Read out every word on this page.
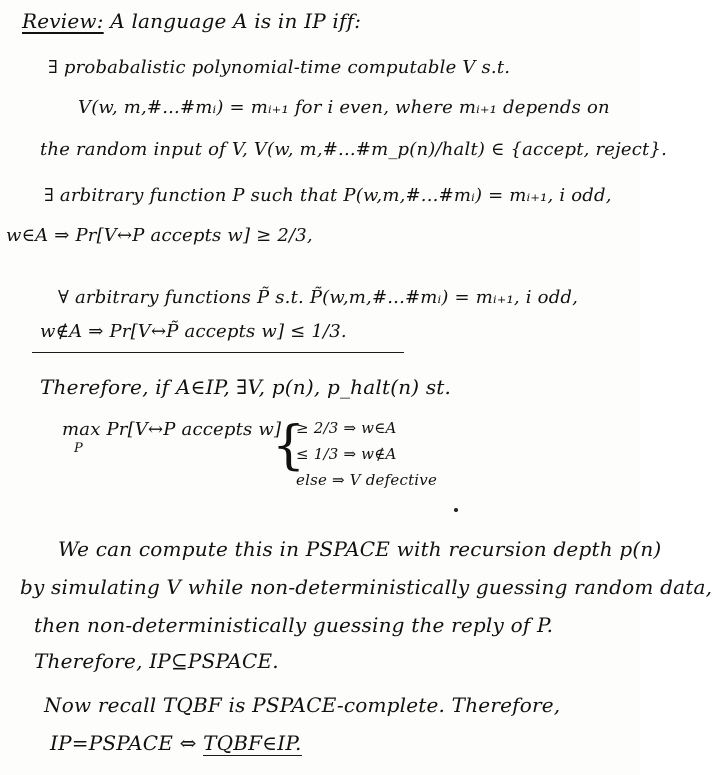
Review: A language A is in IP iff:
∃ probabalistic polynomial-time computable V s.t.
V(w, m,#...#mᵢ) = mᵢ₊₁ for i even, where mᵢ₊₁ depends on
the random input of V, V(w, m,#...#m_p(n)/halt) ∈ {accept, reject}.
∃ arbitrary function P such that P(w,m,#...#mᵢ) = mᵢ₊₁, i odd,
w∈A ⇒ Pr[V↔P accepts w] ≥ 2/3,
∀ arbitrary functions P̃ s.t. P̃(w,m,#...#mᵢ) = mᵢ₊₁, i odd,
w∉A ⇒ Pr[V↔P̃ accepts w] ≤ 1/3.
Therefore, if A∈IP, ∃V, p(n), p_halt(n) st.
max Pr[V↔P accepts w]
P	{
≥ 2/3 ⇒ w∈A
≤ 1/3 ⇒ w∉A
else ⇒ V defective
We can compute this in PSPACE with recursion depth p(n)
by simulating V while non-deterministically guessing random data,
then non-deterministically guessing the reply of P.
Therefore, IP⊆PSPACE.
Now recall TQBF is PSPACE-complete. Therefore,
IP=PSPACE ⇔ TQBF∈IP.
